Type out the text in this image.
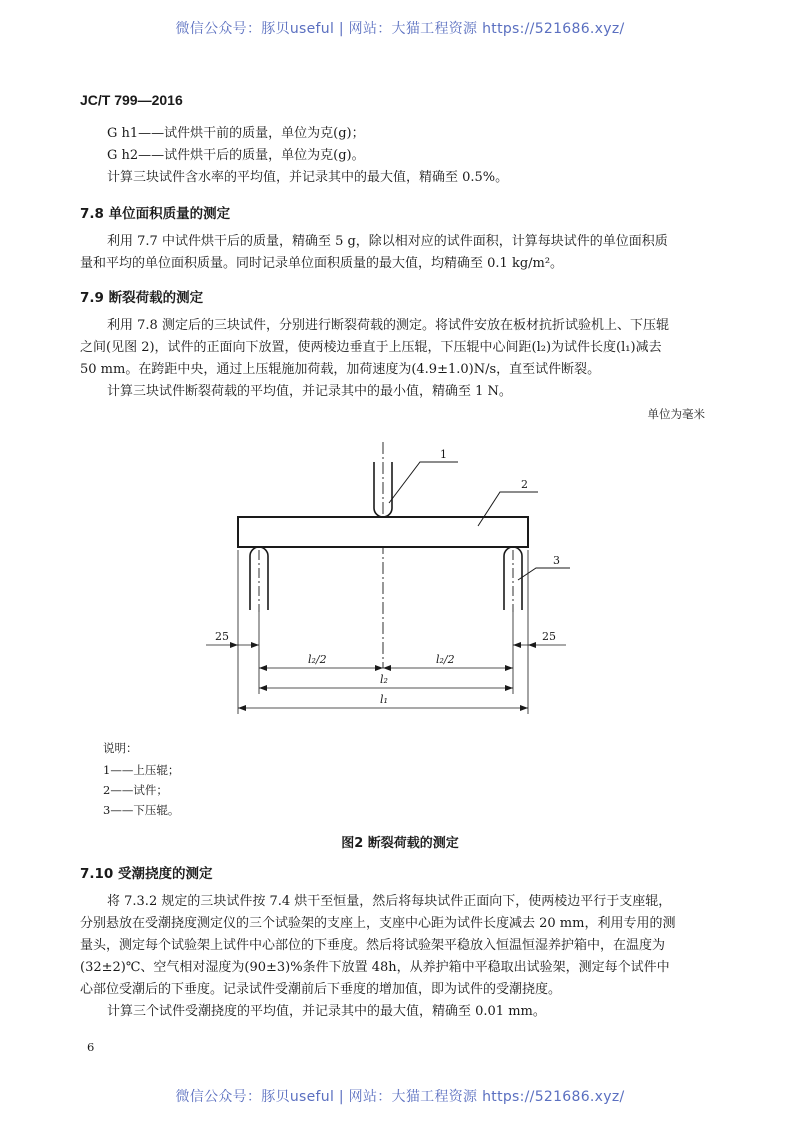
微信公众号：豚贝useful | 网站：大猫工程资源 https://521686.xyz/
JC/T 799—2016
G h1——试件烘干前的质量，单位为克(g)；
G h2——试件烘干后的质量，单位为克(g)。
计算三块试件含水率的平均值，并记录其中的最大值，精确至 0.5%。
7.8 单位面积质量的测定
利用 7.7 中试件烘干后的质量，精确至 5 g，除以相对应的试件面积，计算每块试件的单位面积质
量和平均的单位面积质量。同时记录单位面积质量的最大值，均精确至 0.1 kg/m²。
7.9 断裂荷载的测定
利用 7.8 测定后的三块试件，分别进行断裂荷载的测定。将试件安放在板材抗折试验机上、下压辊
之间(见图 2)，试件的正面向下放置，使两棱边垂直于上压辊，下压辊中心间距(l₂)为试件长度(l₁)减去
50 mm。在跨距中央，通过上压辊施加荷载，加荷速度为(4.9±1.0)N/s，直至试件断裂。
计算三块试件断裂荷载的平均值，并记录其中的最小值，精确至 1 N。
单位为毫米
1
2
3
25	25
l₂/2	l₂/2
l₂
l₁
说明：
1——上压辊；
2——试件；
3——下压辊。
图2 断裂荷载的测定
7.10 受潮挠度的测定
将 7.3.2 规定的三块试件按 7.4 烘干至恒量，然后将每块试件正面向下，使两棱边平行于支座辊，
分别悬放在受潮挠度测定仪的三个试验架的支座上，支座中心距为试件长度减去 20 mm，利用专用的测
量头，测定每个试验架上试件中心部位的下垂度。然后将试验架平稳放入恒温恒湿养护箱中，在温度为
(32±2)℃、空气相对湿度为(90±3)%条件下放置 48h，从养护箱中平稳取出试验架，测定每个试件中
心部位受潮后的下垂度。记录试件受潮前后下垂度的增加值，即为试件的受潮挠度。
计算三个试件受潮挠度的平均值，并记录其中的最大值，精确至 0.01 mm。
6
微信公众号：豚贝useful | 网站：大猫工程资源 https://521686.xyz/
